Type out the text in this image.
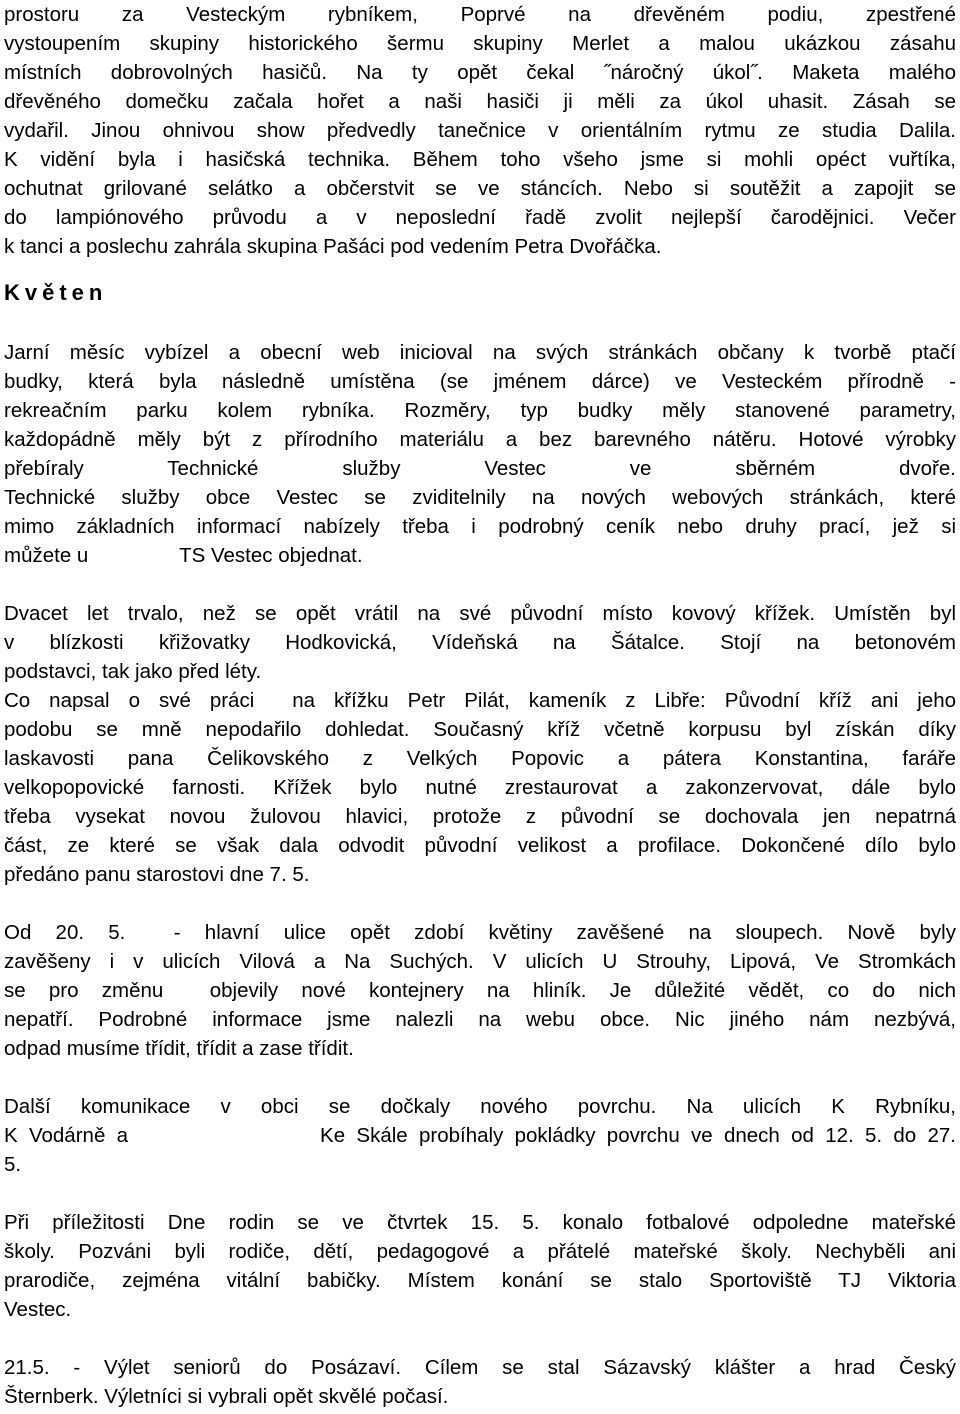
prostoru za Vesteckým rybníkem, Poprvé na dřevěném podiu, zpestřené
vystoupením skupiny historického šermu skupiny Merlet a malou ukázkou zásahu
místních dobrovolných hasičů. Na ty opět čekal ˝náročný úkol˝. Maketa malého
dřevěného domečku začala hořet a naši hasiči ji měli za úkol uhasit. Zásah se
vydařil. Jinou ohnivou show předvedly tanečnice v orientálním rytmu ze studia Dalila.
K vidění byla i hasičská technika. Během toho všeho jsme si mohli opéct vuřtíka,
ochutnat grilované selátko a občerstvit se ve stáncích. Nebo si soutěžit a zapojit se
do lampiónového průvodu a v neposlední řadě zvolit nejlepší čarodějnici. Večer
k tanci a poslechu zahrála skupina Pašáci pod vedením Petra Dvořáčka.
Květen
Jarní měsíc vybízel a obecní web inicioval na svých stránkách občany k tvorbě ptačí
budky, která byla následně umístěna (se jménem dárce) ve Vesteckém přírodně -
rekreačním parku kolem rybníka. Rozměry, typ budky měly stanovené parametry,
každopádně měly být z přírodního materiálu a bez barevného nátěru. Hotové výrobky
přebíraly Technické služby Vestec ve sběrném dvoře.
Technické služby obce Vestec se zviditelnily na nových webových stránkách, které
mimo základních informací nabízely třeba i podrobný ceník nebo druhy prací, jež si
můžete u                TS Vestec objednat.
Dvacet let trvalo, než se opět vrátil na své původní místo kovový křížek. Umístěn byl
v blízkosti křižovatky Hodkovická, Vídeňská na Šátalce. Stojí na betonovém
podstavci, tak jako před léty.
Co napsal o své práci  na křížku Petr Pilát, kameník z Libře: Původní kříž ani jeho
podobu se mně nepodařilo dohledat. Současný kříž včetně korpusu byl získán díky
laskavosti pana Čelikovského z Velkých Popovic a pátera Konstantina, faráře
velkopopovické farnosti. Křížek bylo nutné zrestaurovat a zakonzervovat, dále bylo
třeba vysekat novou žulovou hlavici, protože z původní se dochovala jen nepatrná
část, ze které se však dala odvodit původní velikost a profilace. Dokončené dílo bylo
předáno panu starostovi dne 7. 5.
Od 20. 5.  - hlavní ulice opět zdobí květiny zavěšené na sloupech. Nově byly
zavěšeny i v ulicích Vilová a Na Suchých. V ulicích U Strouhy, Lipová, Ve Stromkách
se pro změnu  objevily nové kontejnery na hliník. Je důležité vědět, co do nich
nepatří. Podrobné informace jsme nalezli na webu obce. Nic jiného nám nezbývá,
odpad musíme třídit, třídit a zase třídit.
Další komunikace v obci se dočkaly nového povrchu. Na ulicích K Rybníku,
K Vodárně a                 Ke Skále probíhaly pokládky povrchu ve dnech od 12. 5. do 27.
5.
Při příležitosti Dne rodin se ve čtvrtek 15. 5. konalo fotbalové odpoledne mateřské
školy. Pozváni byli rodiče, dětí, pedagogové a přátelé mateřské školy. Nechyběli ani
prarodiče, zejména vitální babičky. Místem konání se stalo Sportoviště TJ Viktoria
Vestec.
21.5. - Výlet seniorů do Posázaví. Cílem se stal Sázavský klášter a hrad Český
Šternberk. Výletníci si vybrali opět skvělé počasí.
